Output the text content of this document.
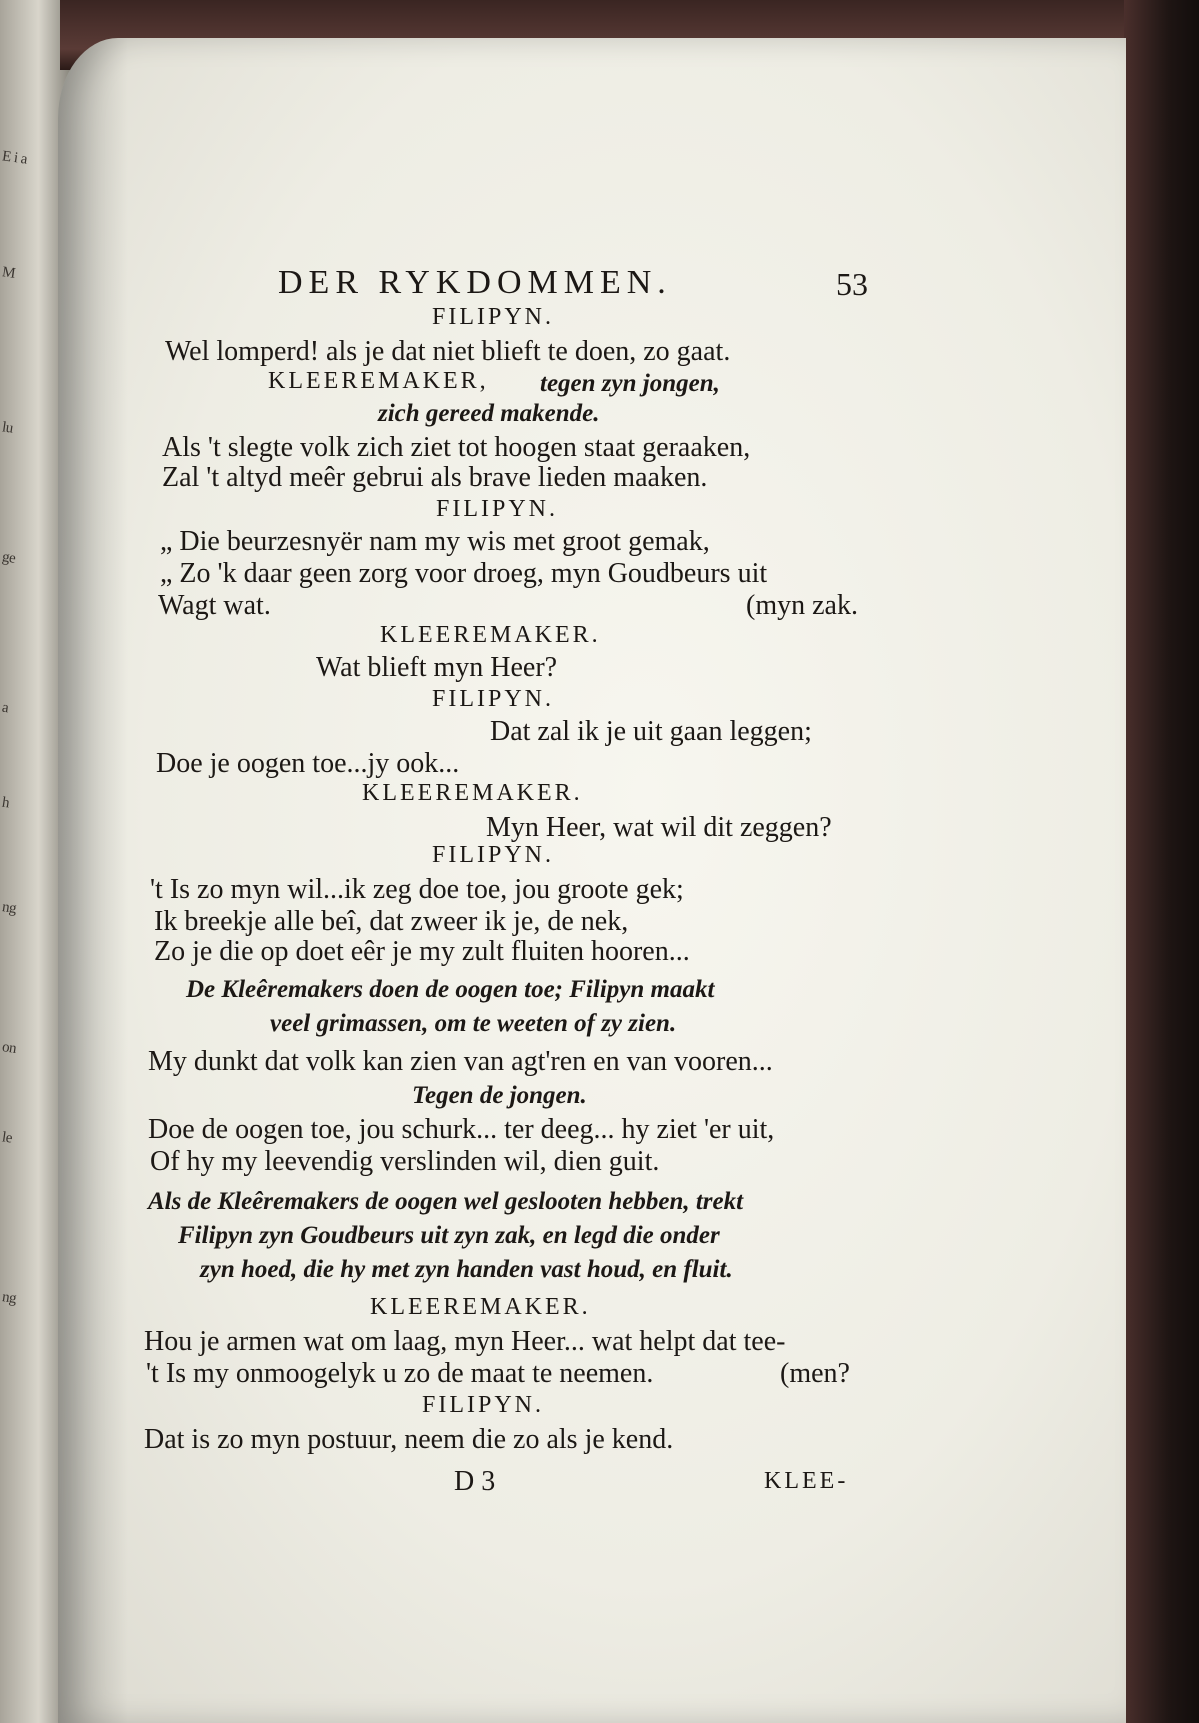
E i a
M
lu
ge
a
h
ng
on
le
ng
DER RYKDOMMEN.	53
FILIPYN.
Wel lomperd! als je dat niet blieft te doen, zo gaat.
KLEEREMAKER, tegen zyn jongen,
zich gereed makende.
Als 't slegte volk zich ziet tot hoogen staat geraaken,
Zal 't altyd meêr gebrui als brave lieden maaken.
FILIPYN.
„ Die beurzesnyër nam my wis met groot gemak,
„ Zo 'k daar geen zorg voor droeg, myn Goudbeurs uit
Wagt wat.	(myn zak.
KLEEREMAKER.
Wat blieft myn Heer?
FILIPYN.
Dat zal ik je uit gaan leggen;
Doe je oogen toe...jy ook...
KLEEREMAKER.
Myn Heer, wat wil dit zeggen?
FILIPYN.
't Is zo myn wil...ik zeg doe toe, jou groote gek;
Ik breekje alle beî, dat zweer ik je, de nek,
Zo je die op doet eêr je my zult fluiten hooren...
De Kleêremakers doen de oogen toe; Filipyn maakt
veel grimassen, om te weeten of zy zien.
My dunkt dat volk kan zien van agt'ren en van vooren...
Tegen de jongen.
Doe de oogen toe, jou schurk... ter deeg... hy ziet 'er uit,
Of hy my leevendig verslinden wil, dien guit.
Als de Kleêremakers de oogen wel geslooten hebben, trekt
Filipyn zyn Goudbeurs uit zyn zak, en legd die onder
zyn hoed, die hy met zyn handen vast houd, en fluit.
KLEEREMAKER.
Hou je armen wat om laag, myn Heer... wat helpt dat tee-
't Is my onmoogelyk u zo de maat te neemen.	(men?
FILIPYN.
Dat is zo myn postuur, neem die zo als je kend.
D 3	KLEE-
